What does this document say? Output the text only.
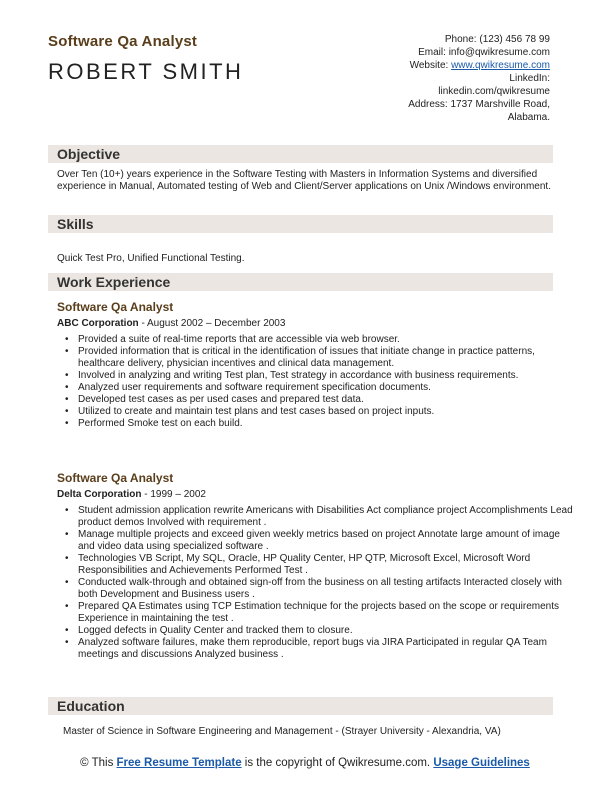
Software Qa Analyst
ROBERT SMITH
Phone: (123) 456 78 99
Email: info@qwikresume.com
Website: www.qwikresume.com
LinkedIn:
linkedin.com/qwikresume
Address: 1737 Marshville Road,
Alabama.
Objective
Over Ten (10+) years experience in the Software Testing with Masters in Information Systems and diversified experience in Manual, Automated testing of Web and Client/Server applications on Unix /Windows environment.
Skills
Quick Test Pro, Unified Functional Testing.
Work Experience
Software Qa Analyst
ABC Corporation - August 2002 – December 2003
• Provided a suite of real-time reports that are accessible via web browser.
• Provided information that is critical in the identification of issues that initiate change in practice patterns, healthcare delivery, physician incentives and clinical data management.
• Involved in analyzing and writing Test plan, Test strategy in accordance with business requirements.
• Analyzed user requirements and software requirement specification documents.
• Developed test cases as per used cases and prepared test data.
• Utilized to create and maintain test plans and test cases based on project inputs.
• Performed Smoke test on each build.
Software Qa Analyst
Delta Corporation - 1999 – 2002
• Student admission application rewrite Americans with Disabilities Act compliance project Accomplishments Lead product demos Involved with requirement .
• Manage multiple projects and exceed given weekly metrics based on project Annotate large amount of image and video data using specialized software .
• Technologies VB Script, My SQL, Oracle, HP Quality Center, HP QTP, Microsoft Excel, Microsoft Word Responsibilities and Achievements Performed Test .
• Conducted walk-through and obtained sign-off from the business on all testing artifacts Interacted closely with both Development and Business users .
• Prepared QA Estimates using TCP Estimation technique for the projects based on the scope or requirements Experience in maintaining the test .
• Logged defects in Quality Center and tracked them to closure.
• Analyzed software failures, make them reproducible, report bugs via JIRA Participated in regular QA Team meetings and discussions Analyzed business .
Education
Master of Science in Software Engineering and Management - (Strayer University - Alexandria, VA)
© This Free Resume Template is the copyright of Qwikresume.com. Usage Guidelines
